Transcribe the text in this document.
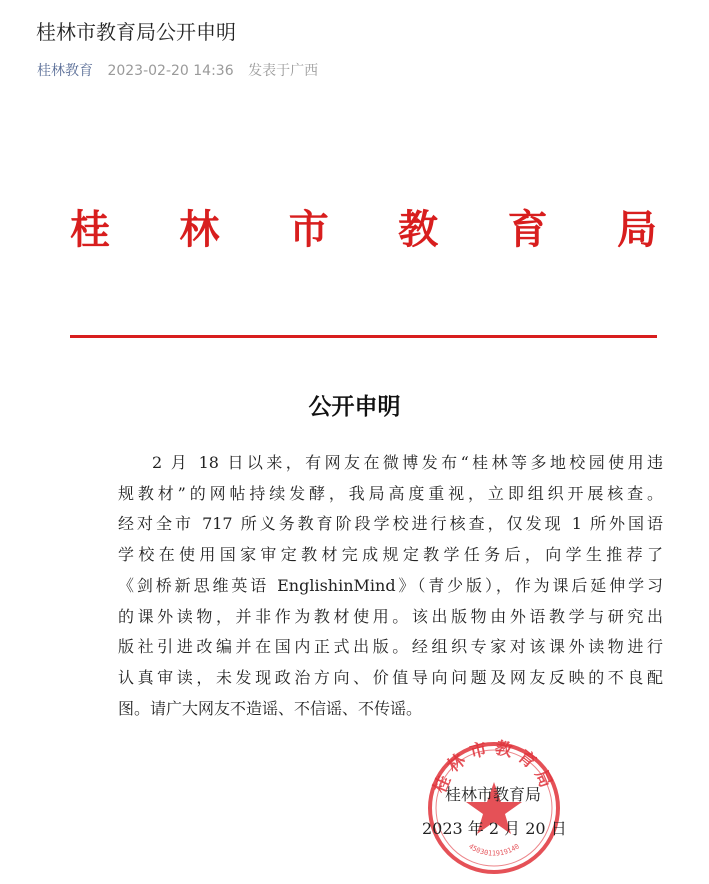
桂林市教育局公开申明
桂林教育 2023-02-20 14:36 发表于广西
桂 林 市 教 育 局
公开申明
2 月 18 日以来，有网友在微博发布“桂林等多地校园使用违
规教材”的网帖持续发酵，我局高度重视，立即组织开展核查。
经对全市 717 所义务教育阶段学校进行核查，仅发现 1 所外国语
学校在使用国家审定教材完成规定教学任务后，向学生推荐了
《剑桥新思维英语 EnglishinMind》（青少版），作为课后延伸学习
的课外读物，并非作为教材使用。该出版物由外语教学与研究出
版社引进改编并在国内正式出版。经组织专家对该课外读物进行
认真审读，未发现政治方向、价值导向问题及网友反映的不良配
图。请广大网友不造谣、不信谣、不传谣。
桂林市教育局
4503011919140
桂林市教育局
2023 年 2 月 20 日
